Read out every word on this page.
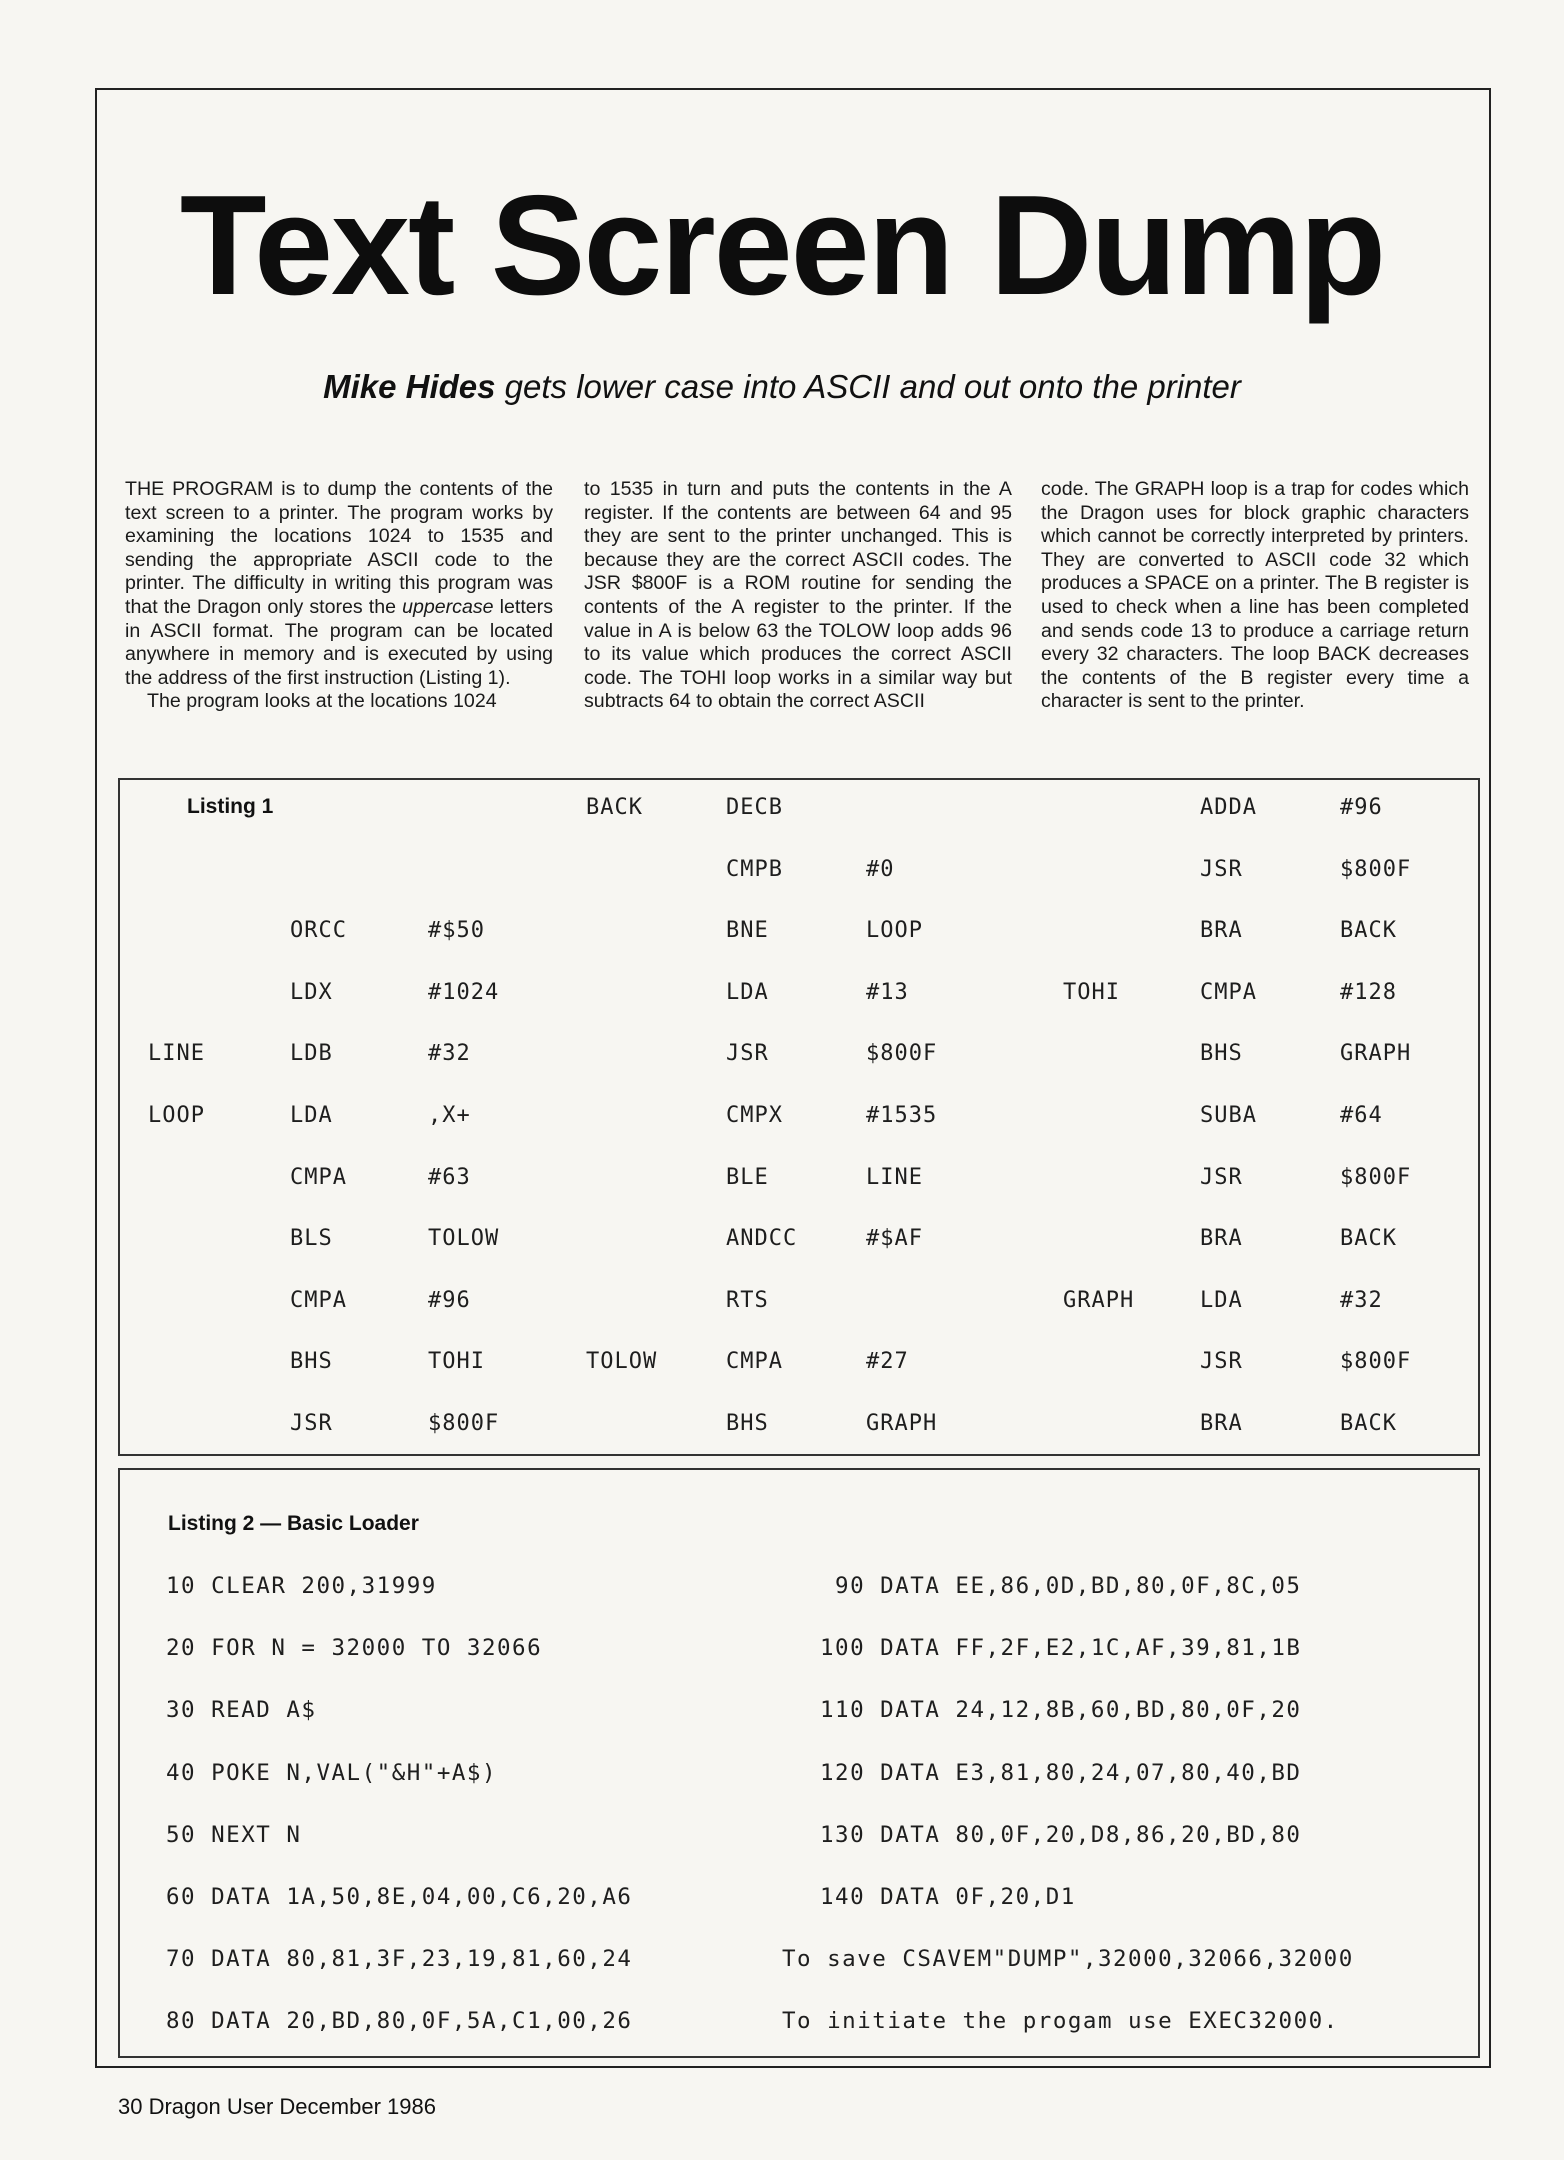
Text Screen Dump
Mike Hides gets lower case into ASCII and out onto the printer

THE PROGRAM is to dump the contents of the text screen to a printer. The program works by examining the locations 1024 to 1535 and sending the appropriate ASCII code to the printer. The difficulty in writing this program was that the Dragon only stores the uppercase letters in ASCII format. The program can be located anywhere in memory and is executed by using the address of the first instruction (Listing 1).

The program looks at the locations 1024

to 1535 in turn and puts the contents in the A register. If the contents are between 64 and 95 they are sent to the printer unchanged. This is because they are the correct ASCII codes. The JSR $800F is a ROM routine for sending the contents of the A register to the printer. If the value in A is below 63 the TOLOW loop adds 96 to its value which produces the correct ASCII code. The TOHI loop works in a similar way but subtracts 64 to obtain the correct ASCII

code. The GRAPH loop is a trap for codes which the Dragon uses for block graphic characters which cannot be correctly interpreted by printers. They are converted to ASCII code 32 which produces a SPACE on a printer. The B register is used to check when a line has been completed and sends code 13 to produce a carriage return every 32 characters. The loop BACK decreases the contents of the B register every time a character is sent to the printer.

Listing 1
ORCC	#$50
LDX	#1024
LINE	LDB	#32
LOOP	LDA	,X+
CMPA	#63
BLS	TOLOW
CMPA	#96
BHS	TOHI
JSR	$800F
BACK	DECB
CMPB	#0
BNE	LOOP
LDA	#13
JSR	$800F
CMPX	#1535
BLE	LINE
ANDCC	#$AF
RTS
TOLOW	CMPA	#27
BHS	GRAPH
ADDA	#96
JSR	$800F
BRA	BACK
TOHI	CMPA	#128
BHS	GRAPH
SUBA	#64
JSR	$800F
BRA	BACK
GRAPH	LDA	#32
JSR	$800F
BRA	BACK
Listing 2 — Basic Loader
10 CLEAR 200,31999
20 FOR N = 32000 TO 32066
30 READ A$
40 POKE N,VAL("&H"+A$)
50 NEXT N
60 DATA 1A,50,8E,04,00,C6,20,A6
70 DATA 80,81,3F,23,19,81,60,24
80 DATA 20,BD,80,0F,5A,C1,00,26
90 DATA EE,86,0D,BD,80,0F,8C,05
100 DATA FF,2F,E2,1C,AF,39,81,1B
110 DATA 24,12,8B,60,BD,80,0F,20
120 DATA E3,81,80,24,07,80,40,BD
130 DATA 80,0F,20,D8,86,20,BD,80
140 DATA 0F,20,D1
To save CSAVEM"DUMP",32000,32066,32000
To initiate the progam use EXEC32000.
30 Dragon User December 1986
